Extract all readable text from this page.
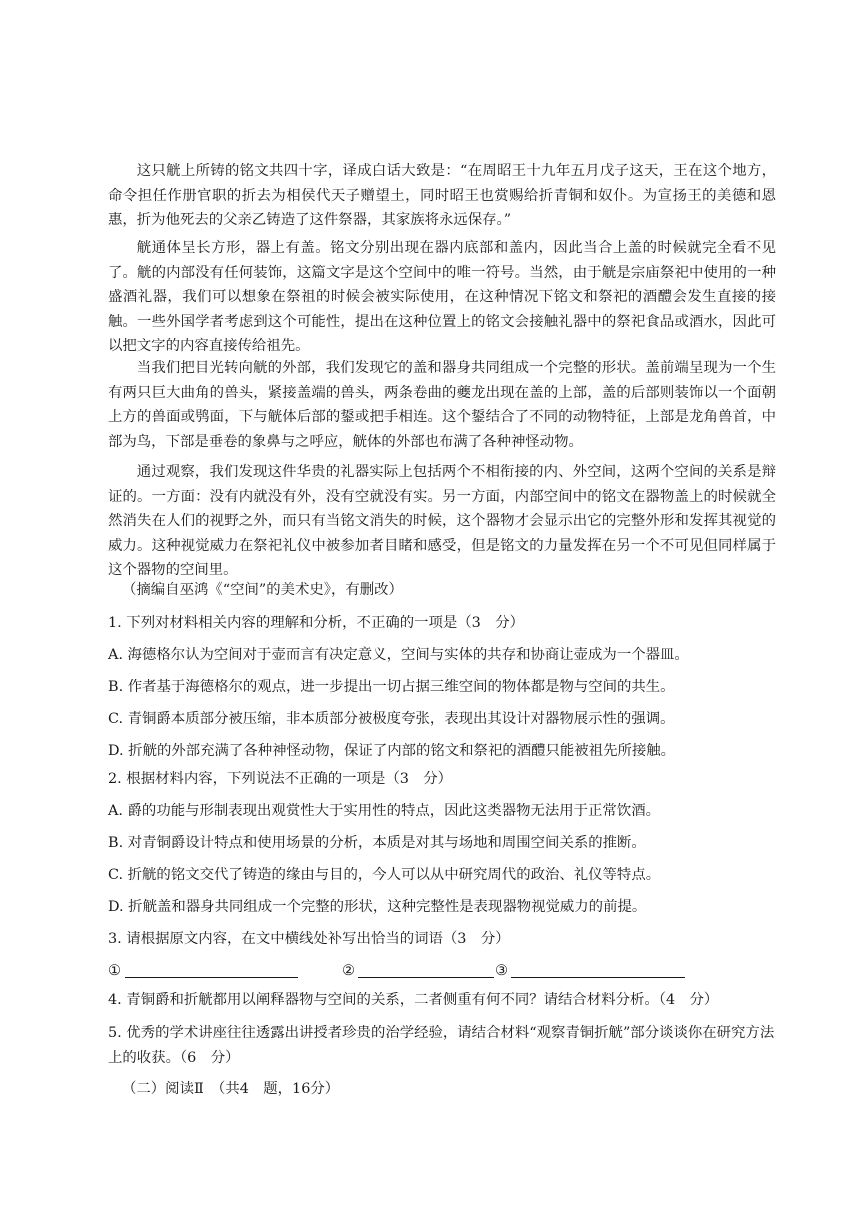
这只觥上所铸的铭文共四十字，译成白话大致是：“在周昭王十九年五月戊子这天，王在这个地方，命令担任作册官职的折去为相侯代天子赠望土，同时昭王也赏赐给折青铜和奴仆。为宣扬王的美德和恩惠，折为他死去的父亲乙铸造了这件祭器，其家族将永远保存。”

觥通体呈长方形，器上有盖。铭文分别出现在器内底部和盖内，因此当合上盖的时候就完全看不见了。觥的内部没有任何装饰，这篇文字是这个空间中的唯一符号。当然，由于觥是宗庙祭祀中使用的一种盛酒礼器，我们可以想象在祭祖的时候会被实际使用，在这种情况下铭文和祭祀的酒醴会发生直接的接触。一些外国学者考虑到这个可能性，提出在这种位置上的铭文会接触礼器中的祭祀食品或酒水，因此可以把文字的内容直接传给祖先。

当我们把目光转向觥的外部，我们发现它的盖和器身共同组成一个完整的形状。盖前端呈现为一个生有两只巨大曲角的兽头，紧接盖端的兽头，两条卷曲的夔龙出现在盖的上部，盖的后部则装饰以一个面朝上方的兽面或鸮面，下与觥体后部的鋬或把手相连。这个鋬结合了不同的动物特征，上部是龙角兽首，中部为鸟，下部是垂卷的象鼻与之呼应，觥体的外部也布满了各种神怪动物。

通过观察，我们发现这件华贵的礼器实际上包括两个不相衔接的内、外空间，这两个空间的关系是辩证的。一方面：没有内就没有外，没有空就没有实。另一方面，内部空间中的铭文在器物盖上的时候就全然消失在人们的视野之外，而只有当铭文消失的时候，这个器物才会显示出它的完整外形和发挥其视觉的威力。这种视觉威力在祭祀礼仪中被参加者目睹和感受，但是铭文的力量发挥在另一个不可见但同样属于这个器物的空间里。

（摘编自巫鸿《“空间”的美术史》，有删改）

1. 下列对材料相关内容的理解和分析，不正确的一项是（3　分）

A. 海德格尔认为空间对于壶而言有决定意义，空间与实体的共存和协商让壶成为一个器皿。

B. 作者基于海德格尔的观点，进一步提出一切占据三维空间的物体都是物与空间的共生。

C. 青铜爵本质部分被压缩，非本质部分被极度夸张，表现出其设计对器物展示性的强调。

D. 折觥的外部充满了各种神怪动物，保证了内部的铭文和祭祀的酒醴只能被祖先所接触。

2. 根据材料内容，下列说法不正确的一项是（3　分）

A. 爵的功能与形制表现出观赏性大于实用性的特点，因此这类器物无法用于正常饮酒。

B. 对青铜爵设计特点和使用场景的分析，本质是对其与场地和周围空间关系的推断。

C. 折觥的铭文交代了铸造的缘由与目的，今人可以从中研究周代的政治、礼仪等特点。

D. 折觥盖和器身共同组成一个完整的形状，这种完整性是表现器物视觉威力的前提。

3. 请根据原文内容，在文中横线处补写出恰当的词语（3　分）

①	②	③

4. 青铜爵和折觥都用以阐释器物与空间的关系，二者侧重有何不同？请结合材料分析。（4　分）

5. 优秀的学术讲座往往透露出讲授者珍贵的治学经验，请结合材料“观察青铜折觥”部分谈谈你在研究方法上的收获。（6　分）

（二）阅读Ⅱ　（共4　题，16分）
